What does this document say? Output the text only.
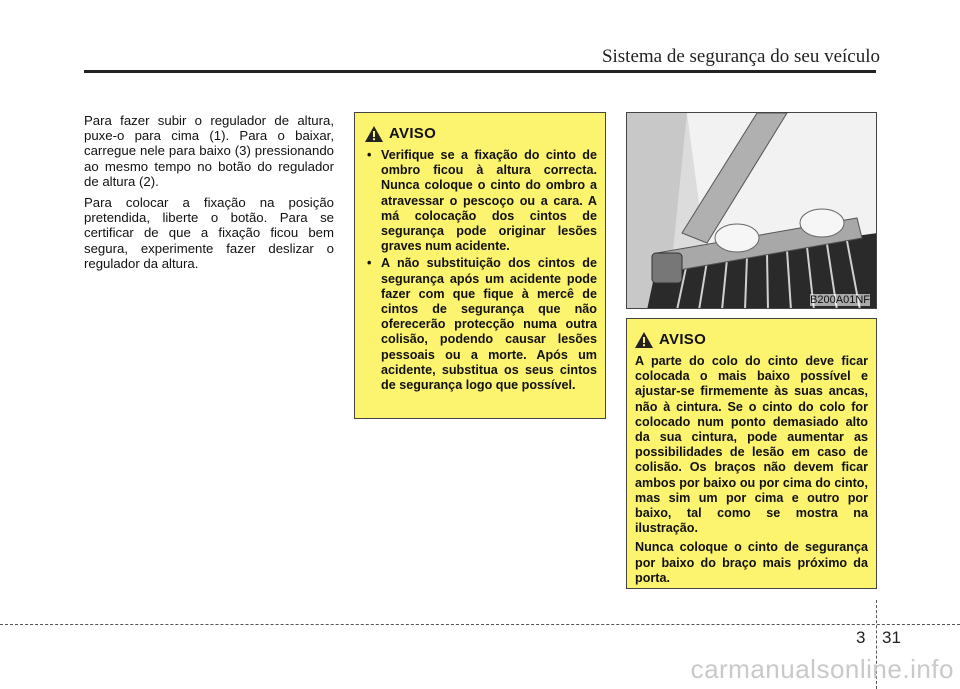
Sistema de segurança do seu veículo

Para fazer subir o regulador de altura, puxe-o para cima (1). Para o baixar, carregue nele para baixo (3) pressionando ao mesmo tempo no botão do regulador de altura (2).

Para colocar a fixação na posição pretendida, liberte o botão. Para se certificar de que a fixação ficou bem segura, experimente fazer deslizar o regulador da altura.

AVISO
• Verifique se a fixação do cinto de ombro ficou à altura correcta. Nunca coloque o cinto do ombro a atravessar o pescoço ou a cara. A má colocação dos cintos de segurança pode originar lesões graves num acidente.
• A não substituição dos cintos de segurança após um acidente pode fazer com que fique à mercê de cintos de segurança que não oferecerão protecção numa outra colisão, podendo causar lesões pessoais ou a morte. Após um acidente, substitua os seus cintos de segurança logo que possível.
B200A01NF
AVISO

A parte do colo do cinto deve ficar colocada o mais baixo possível e ajustar-se firmemente às suas ancas, não à cintura. Se o cinto do colo for colocado num ponto demasiado alto da sua cintura, pode aumentar as possibilidades de lesão em caso de colisão. Os braços não devem ficar ambos por baixo ou por cima do cinto, mas sim um por cima e outro por baixo, tal como se mostra na ilustração.

Nunca coloque o cinto de segurança por baixo do braço mais próximo da porta.

3 31
carmanualsonline.info
